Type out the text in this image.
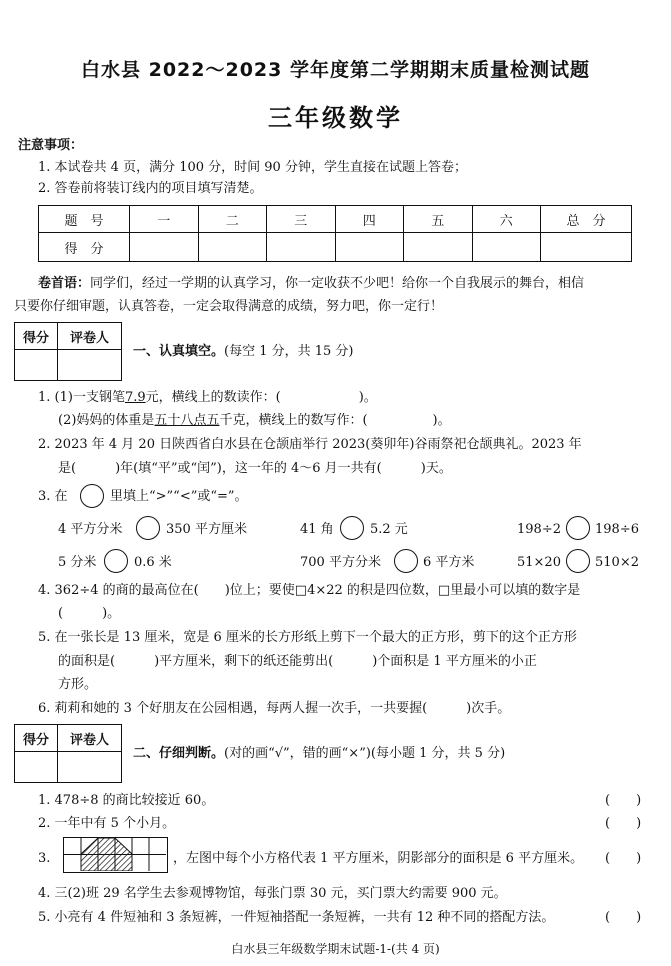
白水县 2022～2023 学年度第二学期期末质量检测试题
三年级数学
注意事项：
1. 本试卷共 4 页，满分 100 分，时间 90 分钟，学生直接在试题上答卷；
2. 答卷前将装订线内的项目填写清楚。
题　号	一	二	三	四	五	六	总　分
得　分							
卷首语：同学们，经过一学期的认真学习，你一定收获不少吧！给你一个自我展示的舞台，相信
只要你仔细审题，认真答卷，一定会取得满意的成绩，努力吧，你一定行！
得分	评卷人

一、认真填空。(每空 1 分，共 15 分)
1. (1)一支钢笔7.9元，横线上的数读作：(　　　　　　)。
(2)妈妈的体重是五十八点五千克，横线上的数写作：(　　　　　)。
2. 2023 年 4 月 20 日陕西省白水县在仓颉庙举行 2023(葵卯年)谷雨祭祀仓颉典礼。2023 年
是(　　　)年(填“平”或“闰”)，这一年的 4～6 月一共有(　　　)天。
3. 在	里填上“>”“<”或“=”。
4 平方分米	350 平方厘米	41 角	5.2 元	198÷2	198÷6
5 分米	0.6 米	700 平方分米	6 平方米	51×20	510×2
4. 362÷4 的商的最高位在(　　)位上；要使□4×22 的积是四位数，□里最小可以填的数字是
(　　　)。
5. 在一张长是 13 厘米，宽是 6 厘米的长方形纸上剪下一个最大的正方形，剪下的这个正方形
的面积是(　　　)平方厘米，剩下的纸还能剪出(　　　)个面积是 1 平方厘米的小正
方形。
6. 莉莉和她的 3 个好朋友在公园相遇，每两人握一次手，一共要握(　　　)次手。
得分	评卷人

二、仔细判断。(对的画“√”，错的画“×”)(每小题 1 分，共 5 分)
1. 478÷8 的商比较接近 60。	(　　)
2. 一年中有 5 个小月。	(　　)
3.	，左图中每个小方格代表 1 平方厘米，阴影部分的面积是 6 平方厘米。 (　　)
4. 三(2)班 29 名学生去参观博物馆，每张门票 30 元，买门票大约需要 900 元。
5. 小亮有 4 件短袖和 3 条短裤，一件短袖搭配一条短裤，一共有 12 种不同的搭配方法。	(　　)
白水县三年级数学期末试题-1-(共 4 页)
